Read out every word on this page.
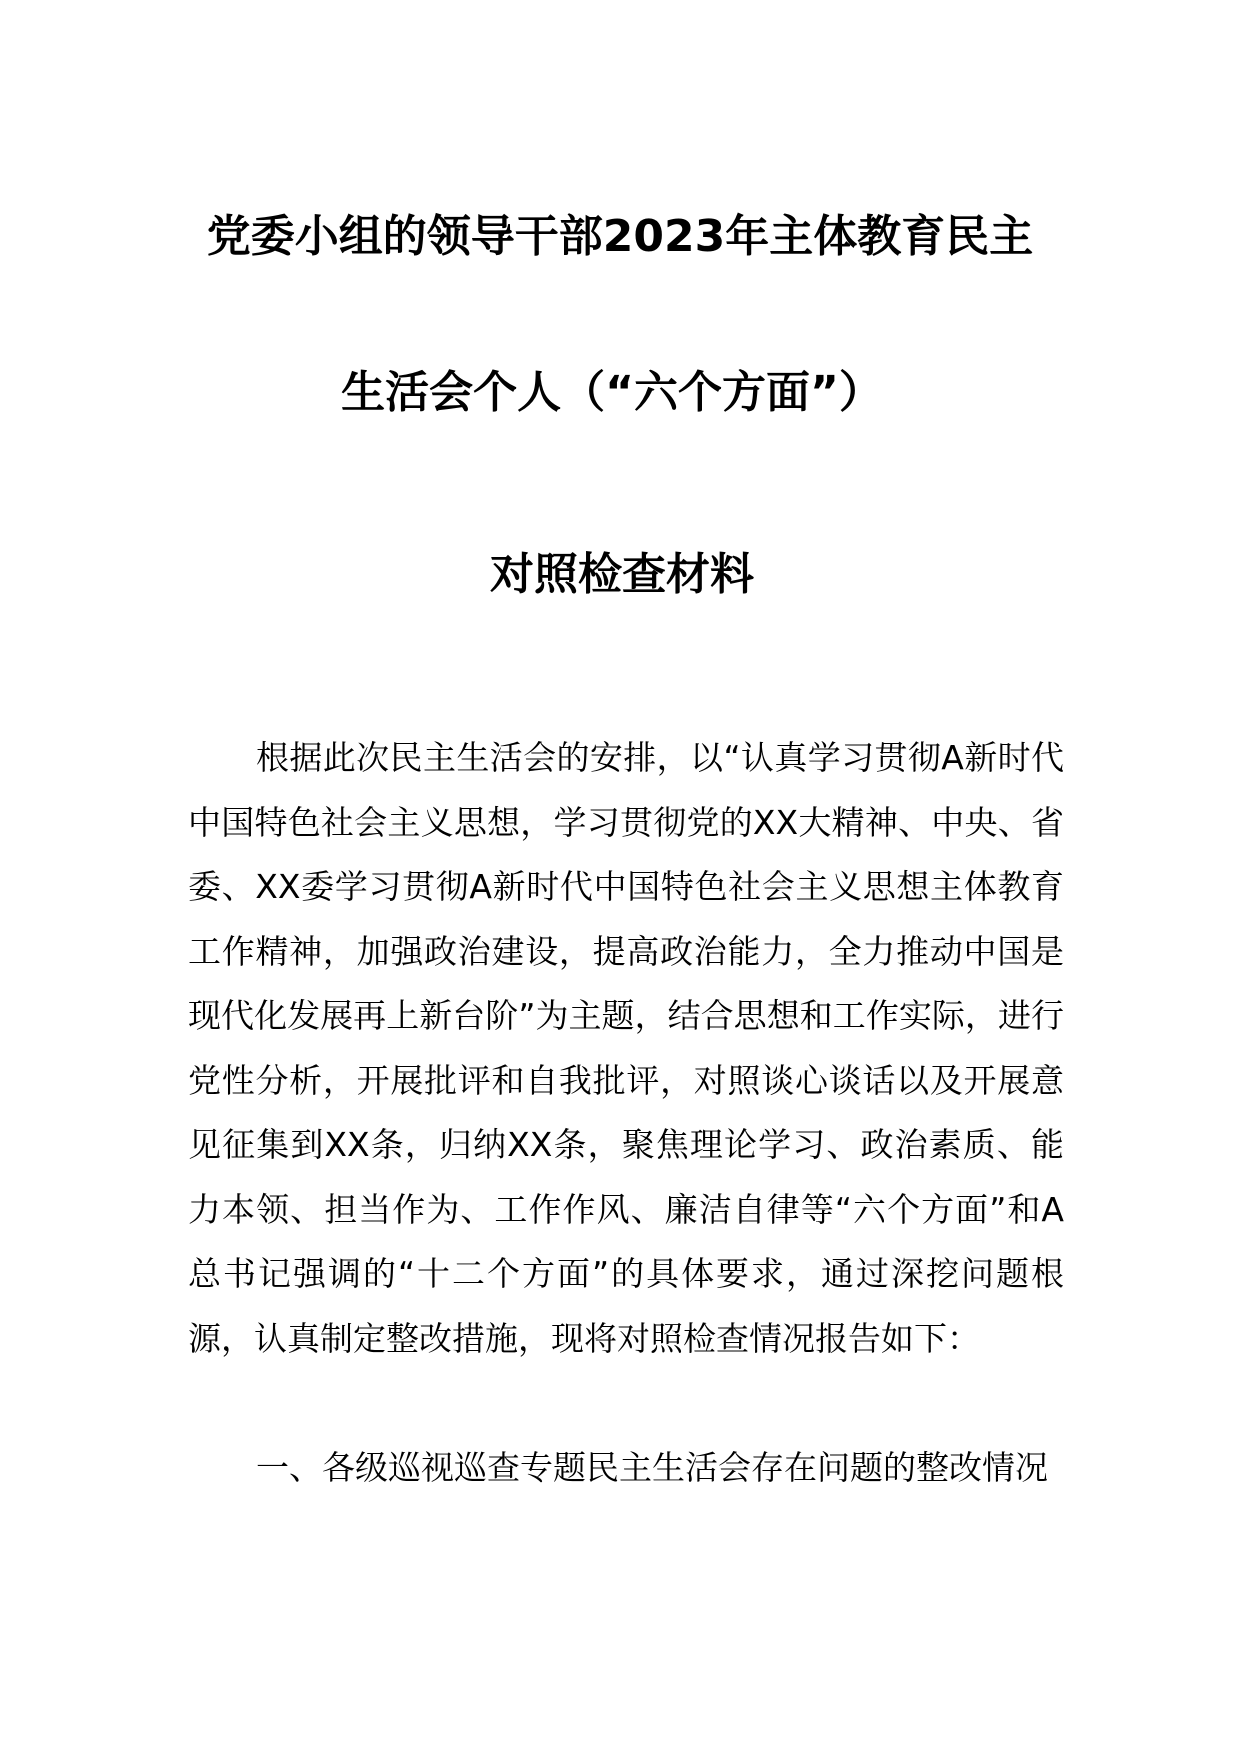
党委小组的领导干部2023年主体教育民主
生活会个人（“六个方面”）
对照检查材料
根据此次民主生活会的安排，以“认真学习贯彻A新时代中国特色社会主义思想，学习贯彻党的XX大精神、中央、省委、XX委学习贯彻A新时代中国特色社会主义思想主体教育工作精神，加强政治建设，提高政治能力，全力推动中国是现代化发展再上新台阶”为主题，结合思想和工作实际，进行党性分析，开展批评和自我批评，对照谈心谈话以及开展意见征集到XX条，归纳XX条，聚焦理论学习、政治素质、能力本领、担当作为、工作作风、廉洁自律等“六个方面”和A总书记强调的“十二个方面”的具体要求，通过深挖问题根源，认真制定整改措施，现将对照检查情况报告如下：
一、各级巡视巡查专题民主生活会存在问题的整改情况
